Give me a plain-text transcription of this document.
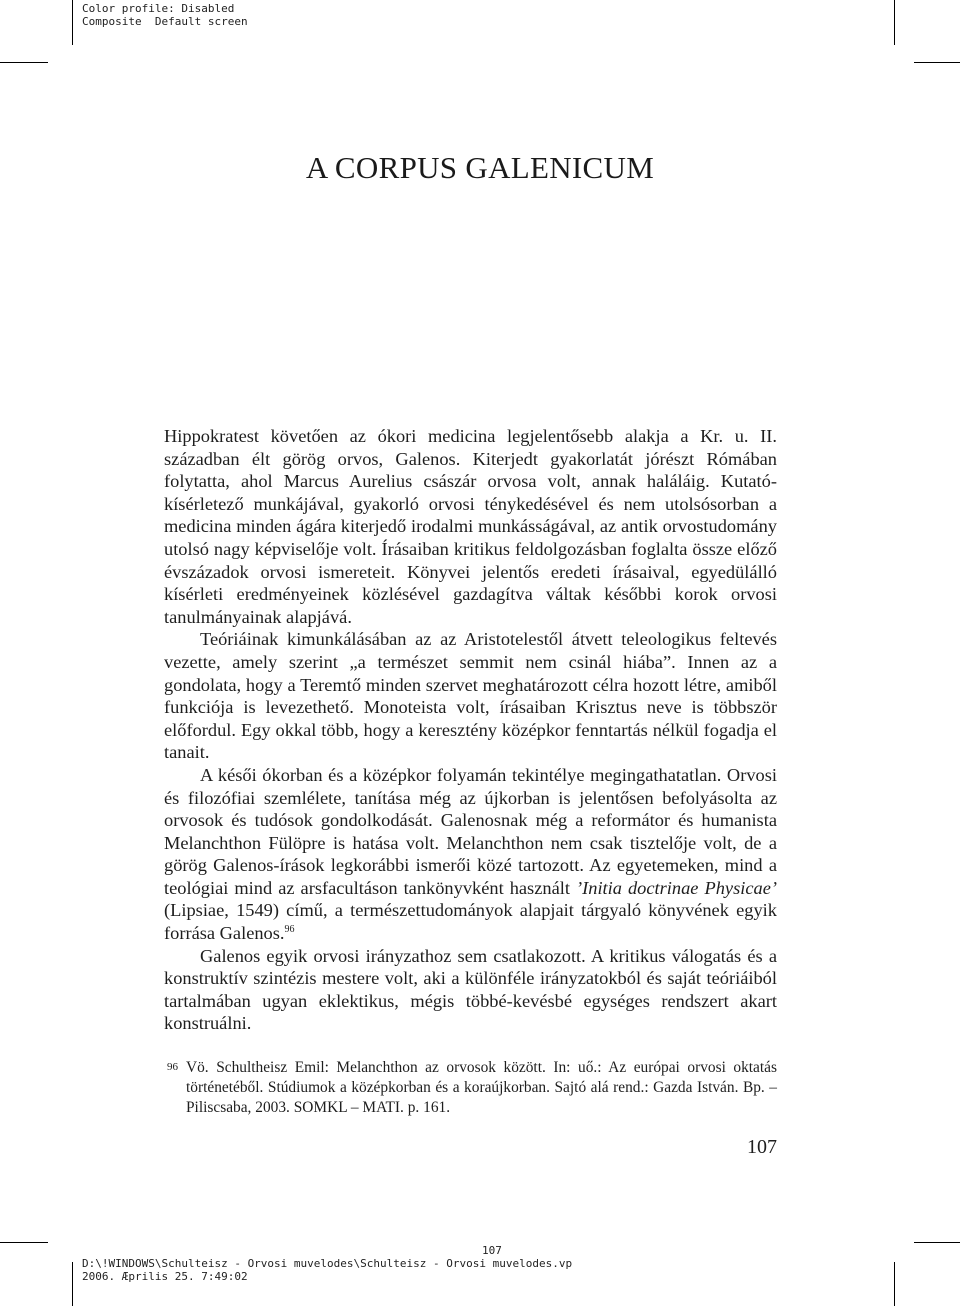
Color profile: Disabled
Composite  Default screen
A CORPUS GALENICUM

Hippokratest követően az ókori medicina legjelentősebb alakja a Kr. u. II. században élt görög orvos, Galenos. Kiterjedt gyakorlatát jórészt Rómában folytatta, ahol Marcus Aurelius császár orvosa volt, annak haláláig. Kutató-kísérletező munkájával, gyakorló orvosi ténykedésével és nem utolsósorban a medicina minden ágára kiterjedő irodalmi munkásságával, az antik orvostudomány utolsó nagy képviselője volt. Írásaiban kritikus feldolgozásban foglalta össze előző évszázadok orvosi ismereteit. Könyvei jelentős eredeti írásaival, egyedülálló kísérleti eredményeinek közlésével gazdagítva váltak későbbi korok orvosi tanulmányainak alapjává.

Teóriáinak kimunkálásában az az Aristotelestől átvett teleologikus feltevés vezette, amely szerint „a természet semmit nem csinál hiába”. Innen az a gondolata, hogy a Teremtő minden szervet meghatározott célra hozott létre, amiből funkciója is levezethető. Monoteista volt, írásaiban Krisztus neve is többször előfordul. Egy okkal több, hogy a keresztény középkor fenntartás nélkül fogadja el tanait.

A késői ókorban és a középkor folyamán tekintélye megingathatatlan. Orvosi és filozófiai szemlélete, tanítása még az újkorban is jelentősen befolyásolta az orvosok és tudósok gondolkodását. Galenosnak még a reformátor és humanista Melanchthon Fülöpre is hatása volt. Melanchthon nem csak tisztelője volt, de a görög Galenos-írások legkorábbi ismerői közé tartozott. Az egyetemeken, mind a teológiai mind az arsfacultáson tankönyvként használt ’Initia doctrinae Physicae’ (Lipsiae, 1549) című, a természettudományok alapjait tárgyaló könyvének egyik forrása Galenos.$^{96}$

Galenos egyik orvosi irányzathoz sem csatlakozott. A kritikus válogatás és a konstruktív szintézis mestere volt, aki a különféle irányzatokból és saját teóriáiból tartalmában ugyan eklektikus, mégis többé-kevésbé egységes rendszert akart konstruálni.

96 Vö. Schultheisz Emil: Melanchthon az orvosok között. In: uő.: Az európai orvosi oktatás történetéből. Stúdiumok a középkorban és a koraújkorban. Sajtó alá rend.: Gazda István. Bp. – Piliscsaba, 2003. SOMKL – MATI. p. 161.
107
107
D:\!WINDOWS\Schulteisz - Orvosi muvelodes\Schulteisz - Orvosi muvelodes.vp
2006. Æprilis 25. 7:49:02
